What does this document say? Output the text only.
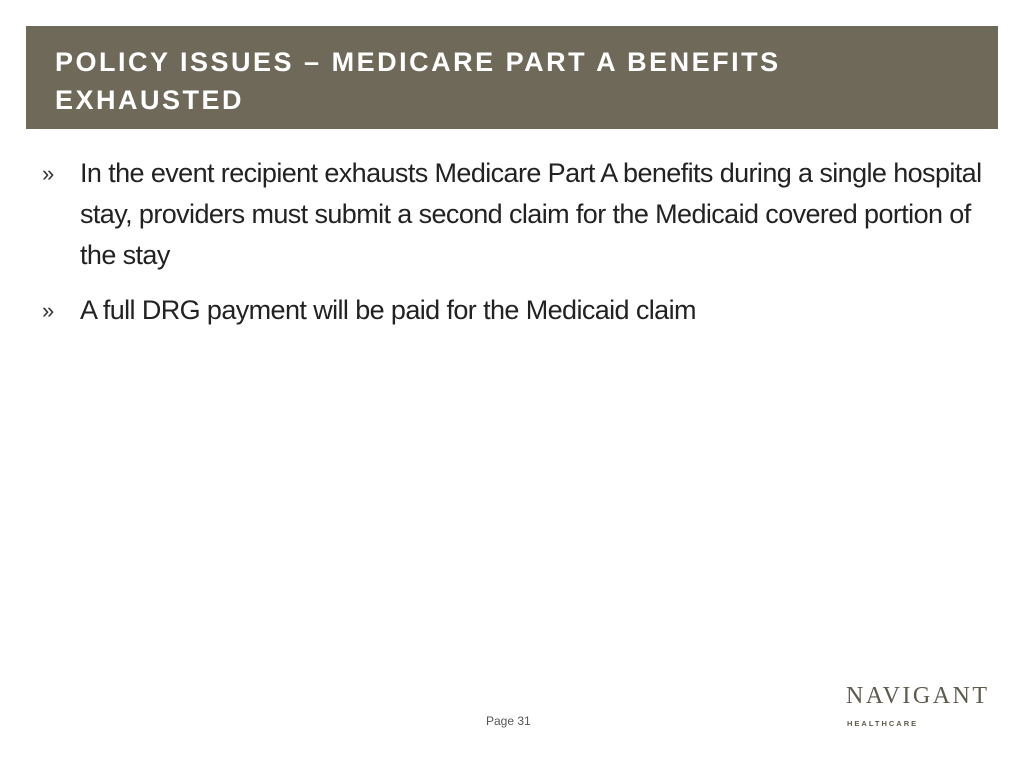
POLICY ISSUES – MEDICARE PART A BENEFITS EXHAUSTED
» In the event recipient exhausts Medicare Part A benefits during a single hospital stay, providers must submit a second claim for the Medicaid covered portion of the stay
» A full DRG payment will be paid for the Medicaid claim
Page 31
NAVIGANT
HEALTHCARE
